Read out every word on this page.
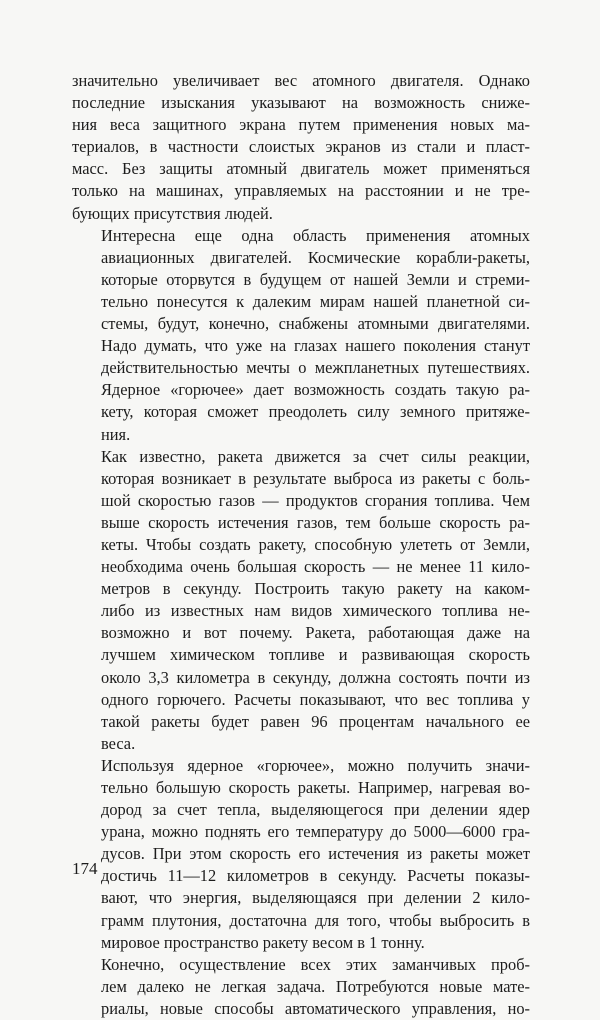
значительно увеличивает вес атомного двигателя. Однако
последние изыскания указывают на возможность сниже-
ния веса защитного экрана путем применения новых ма-
териалов, в частности слоистых экранов из стали и пласт-
масс. Без защиты атомный двигатель может применяться
только на машинах, управляемых на расстоянии и не тре-
бующих присутствия людей.

Интересна еще одна область применения атомных
авиационных двигателей. Космические корабли-ракеты,
которые оторвутся в будущем от нашей Земли и стреми-
тельно понесутся к далеким мирам нашей планетной си-
стемы, будут, конечно, снабжены атомными двигателями.
Надо думать, что уже на глазах нашего поколения станут
действительностью мечты о межпланетных путешествиях.
Ядерное «горючее» дает возможность создать такую ра-
кету, которая сможет преодолеть силу земного притяже-
ния.

Как известно, ракета движется за счет силы реакции,
которая возникает в результате выброса из ракеты с боль-
шой скоростью газов — продуктов сгорания топлива. Чем
выше скорость истечения газов, тем больше скорость ра-
кеты. Чтобы создать ракету, способную улететь от Земли,
необходима очень большая скорость — не менее 11 кило-
метров в секунду. Построить такую ракету на каком-
либо из известных нам видов химического топлива не-
возможно и вот почему. Ракета, работающая даже на
лучшем химическом топливе и развивающая скорость
около 3,3 километра в секунду, должна состоять почти из
одного горючего. Расчеты показывают, что вес топлива у
такой ракеты будет равен 96 процентам начального ее
веса.

Используя ядерное «горючее», можно получить значи-
тельно большую скорость ракеты. Например, нагревая во-
дород за счет тепла, выделяющегося при делении ядер
урана, можно поднять его температуру до 5000—6000 гра-
дусов. При этом скорость его истечения из ракеты может
достичь 11—12 километров в секунду. Расчеты показы-
вают, что энергия, выделяющаяся при делении 2 кило-
грамм плутония, достаточна для того, чтобы выбросить в
мировое пространство ракету весом в 1 тонну.

Конечно, осуществление всех этих заманчивых проб-
лем далеко не легкая задача. Потребуются новые мате-
риалы, новые способы автоматического управления, но-

174
